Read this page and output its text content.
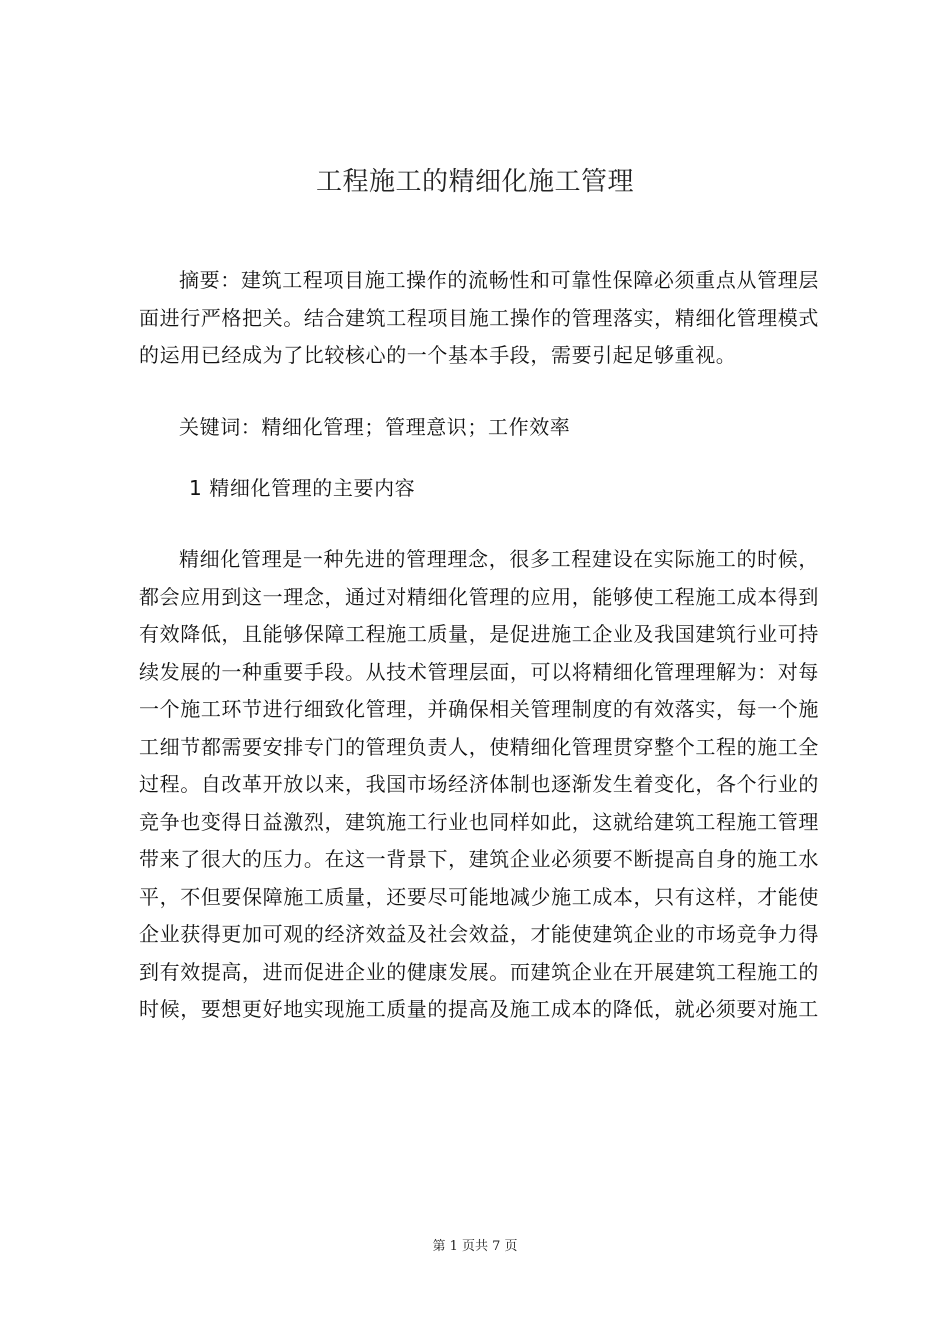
工程施工的精细化施工管理

摘要：建筑工程项目施工操作的流畅性和可靠性保障必须重点从管理层面进行严格把关。结合建筑工程项目施工操作的管理落实，精细化管理模式的运用已经成为了比较核心的一个基本手段，需要引起足够重视。

关键词：精细化管理；管理意识；工作效率

1 精细化管理的主要内容

精细化管理是一种先进的管理理念，很多工程建设在实际施工的时候，都会应用到这一理念，通过对精细化管理的应用，能够使工程施工成本得到有效降低，且能够保障工程施工质量，是促进施工企业及我国建筑行业可持续发展的一种重要手段。从技术管理层面，可以将精细化管理理解为：对每一个施工环节进行细致化管理，并确保相关管理制度的有效落实，每一个施工细节都需要安排专门的管理负责人，使精细化管理贯穿整个工程的施工全过程。自改革开放以来，我国市场经济体制也逐渐发生着变化，各个行业的竞争也变得日益激烈，建筑施工行业也同样如此，这就给建筑工程施工管理带来了很大的压力。在这一背景下，建筑企业必须要不断提高自身的施工水平，不但要保障施工质量，还要尽可能地减少施工成本，只有这样，才能使企业获得更加可观的经济效益及社会效益，才能使建筑企业的市场竞争力得到有效提高，进而促进企业的健康发展。而建筑企业在开展建筑工程施工的时候，要想更好地实现施工质量的提高及施工成本的降低，就必须要对施工

第 1 页共 7 页
